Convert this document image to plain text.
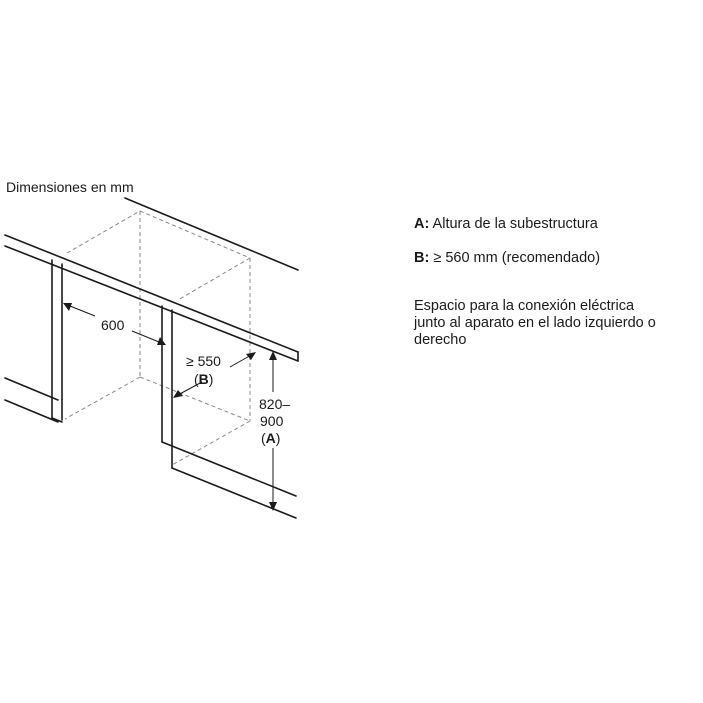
Dimensiones en mm
600
≥ 550
(B)
820–
900
(A)

A: Altura de la subestructura

B: ≥ 560 mm (recomendado)

Espacio para la conexión eléctrica
junto al aparato en el lado izquierdo o
derecho
